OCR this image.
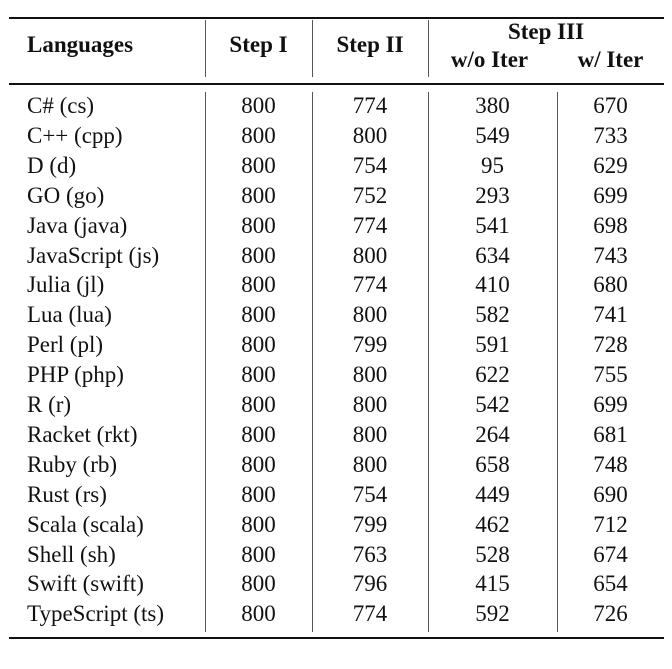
Languages	Step I	Step II
Step III
w/o Iter	w/ Iter
C# (cs)	800	774	380	670
C++ (cpp)	800	800	549	733
D (d)	800	754	95	629
GO (go)	800	752	293	699
Java (java)	800	774	541	698
JavaScript (js)	800	800	634	743
Julia (jl)	800	774	410	680
Lua (lua)	800	800	582	741
Perl (pl)	800	799	591	728
PHP (php)	800	800	622	755
R (r)	800	800	542	699
Racket (rkt)	800	800	264	681
Ruby (rb)	800	800	658	748
Rust (rs)	800	754	449	690
Scala (scala)	800	799	462	712
Shell (sh)	800	763	528	674
Swift (swift)	800	796	415	654
TypeScript (ts)	800	774	592	726
